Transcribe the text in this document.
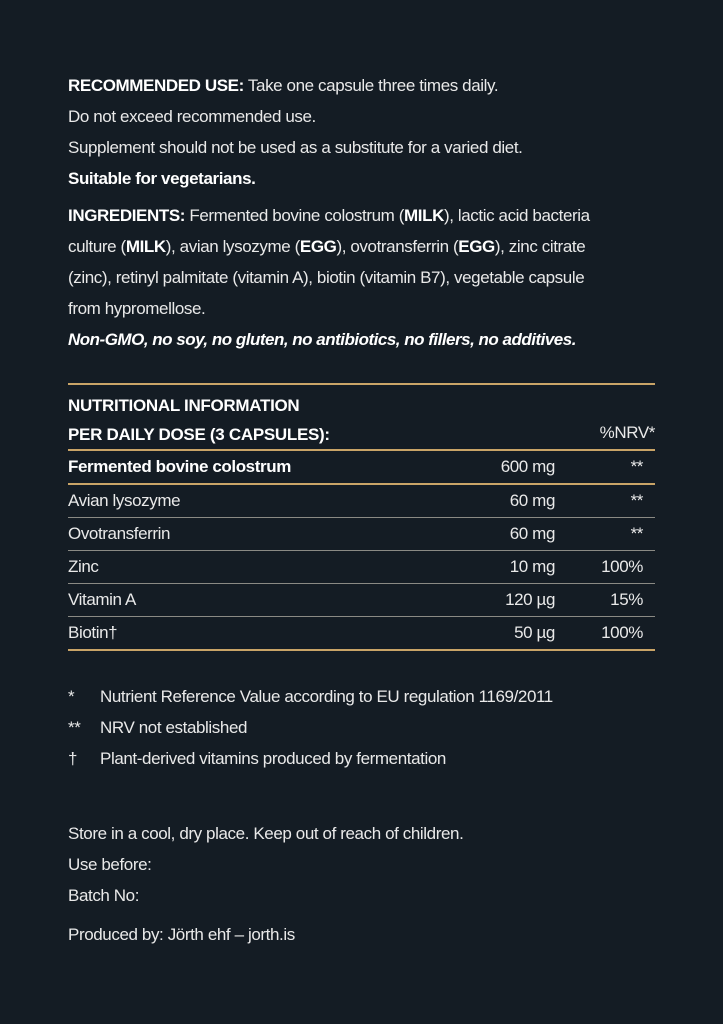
RECOMMENDED USE: Take one capsule three times daily.
Do not exceed recommended use.
Supplement should not be used as a substitute for a varied diet.
Suitable for vegetarians.
INGREDIENTS: Fermented bovine colostrum (MILK), lactic acid bacteria
culture (MILK), avian lysozyme (EGG), ovotransferrin (EGG), zinc citrate
(zinc), retinyl palmitate (vitamin A), biotin (vitamin B7), vegetable capsule
from hypromellose.
Non-GMO, no soy, no gluten, no antibiotics, no fillers, no additives.
NUTRITIONAL INFORMATION
PER DAILY DOSE (3 CAPSULES):	%NRV*
Fermented bovine colostrum	600 mg	**
Avian lysozyme	60 mg	**
Ovotransferrin	60 mg	**
Zinc	10 mg	100%
Vitamin A	120 µg	15%
Biotin†	50 µg	100%
*	Nutrient Reference Value according to EU regulation 1169/2011
**	NRV not established
†	Plant-derived vitamins produced by fermentation
Store in a cool, dry place. Keep out of reach of children.
Use before:
Batch No:
Produced by: Jörth ehf – jorth.is
